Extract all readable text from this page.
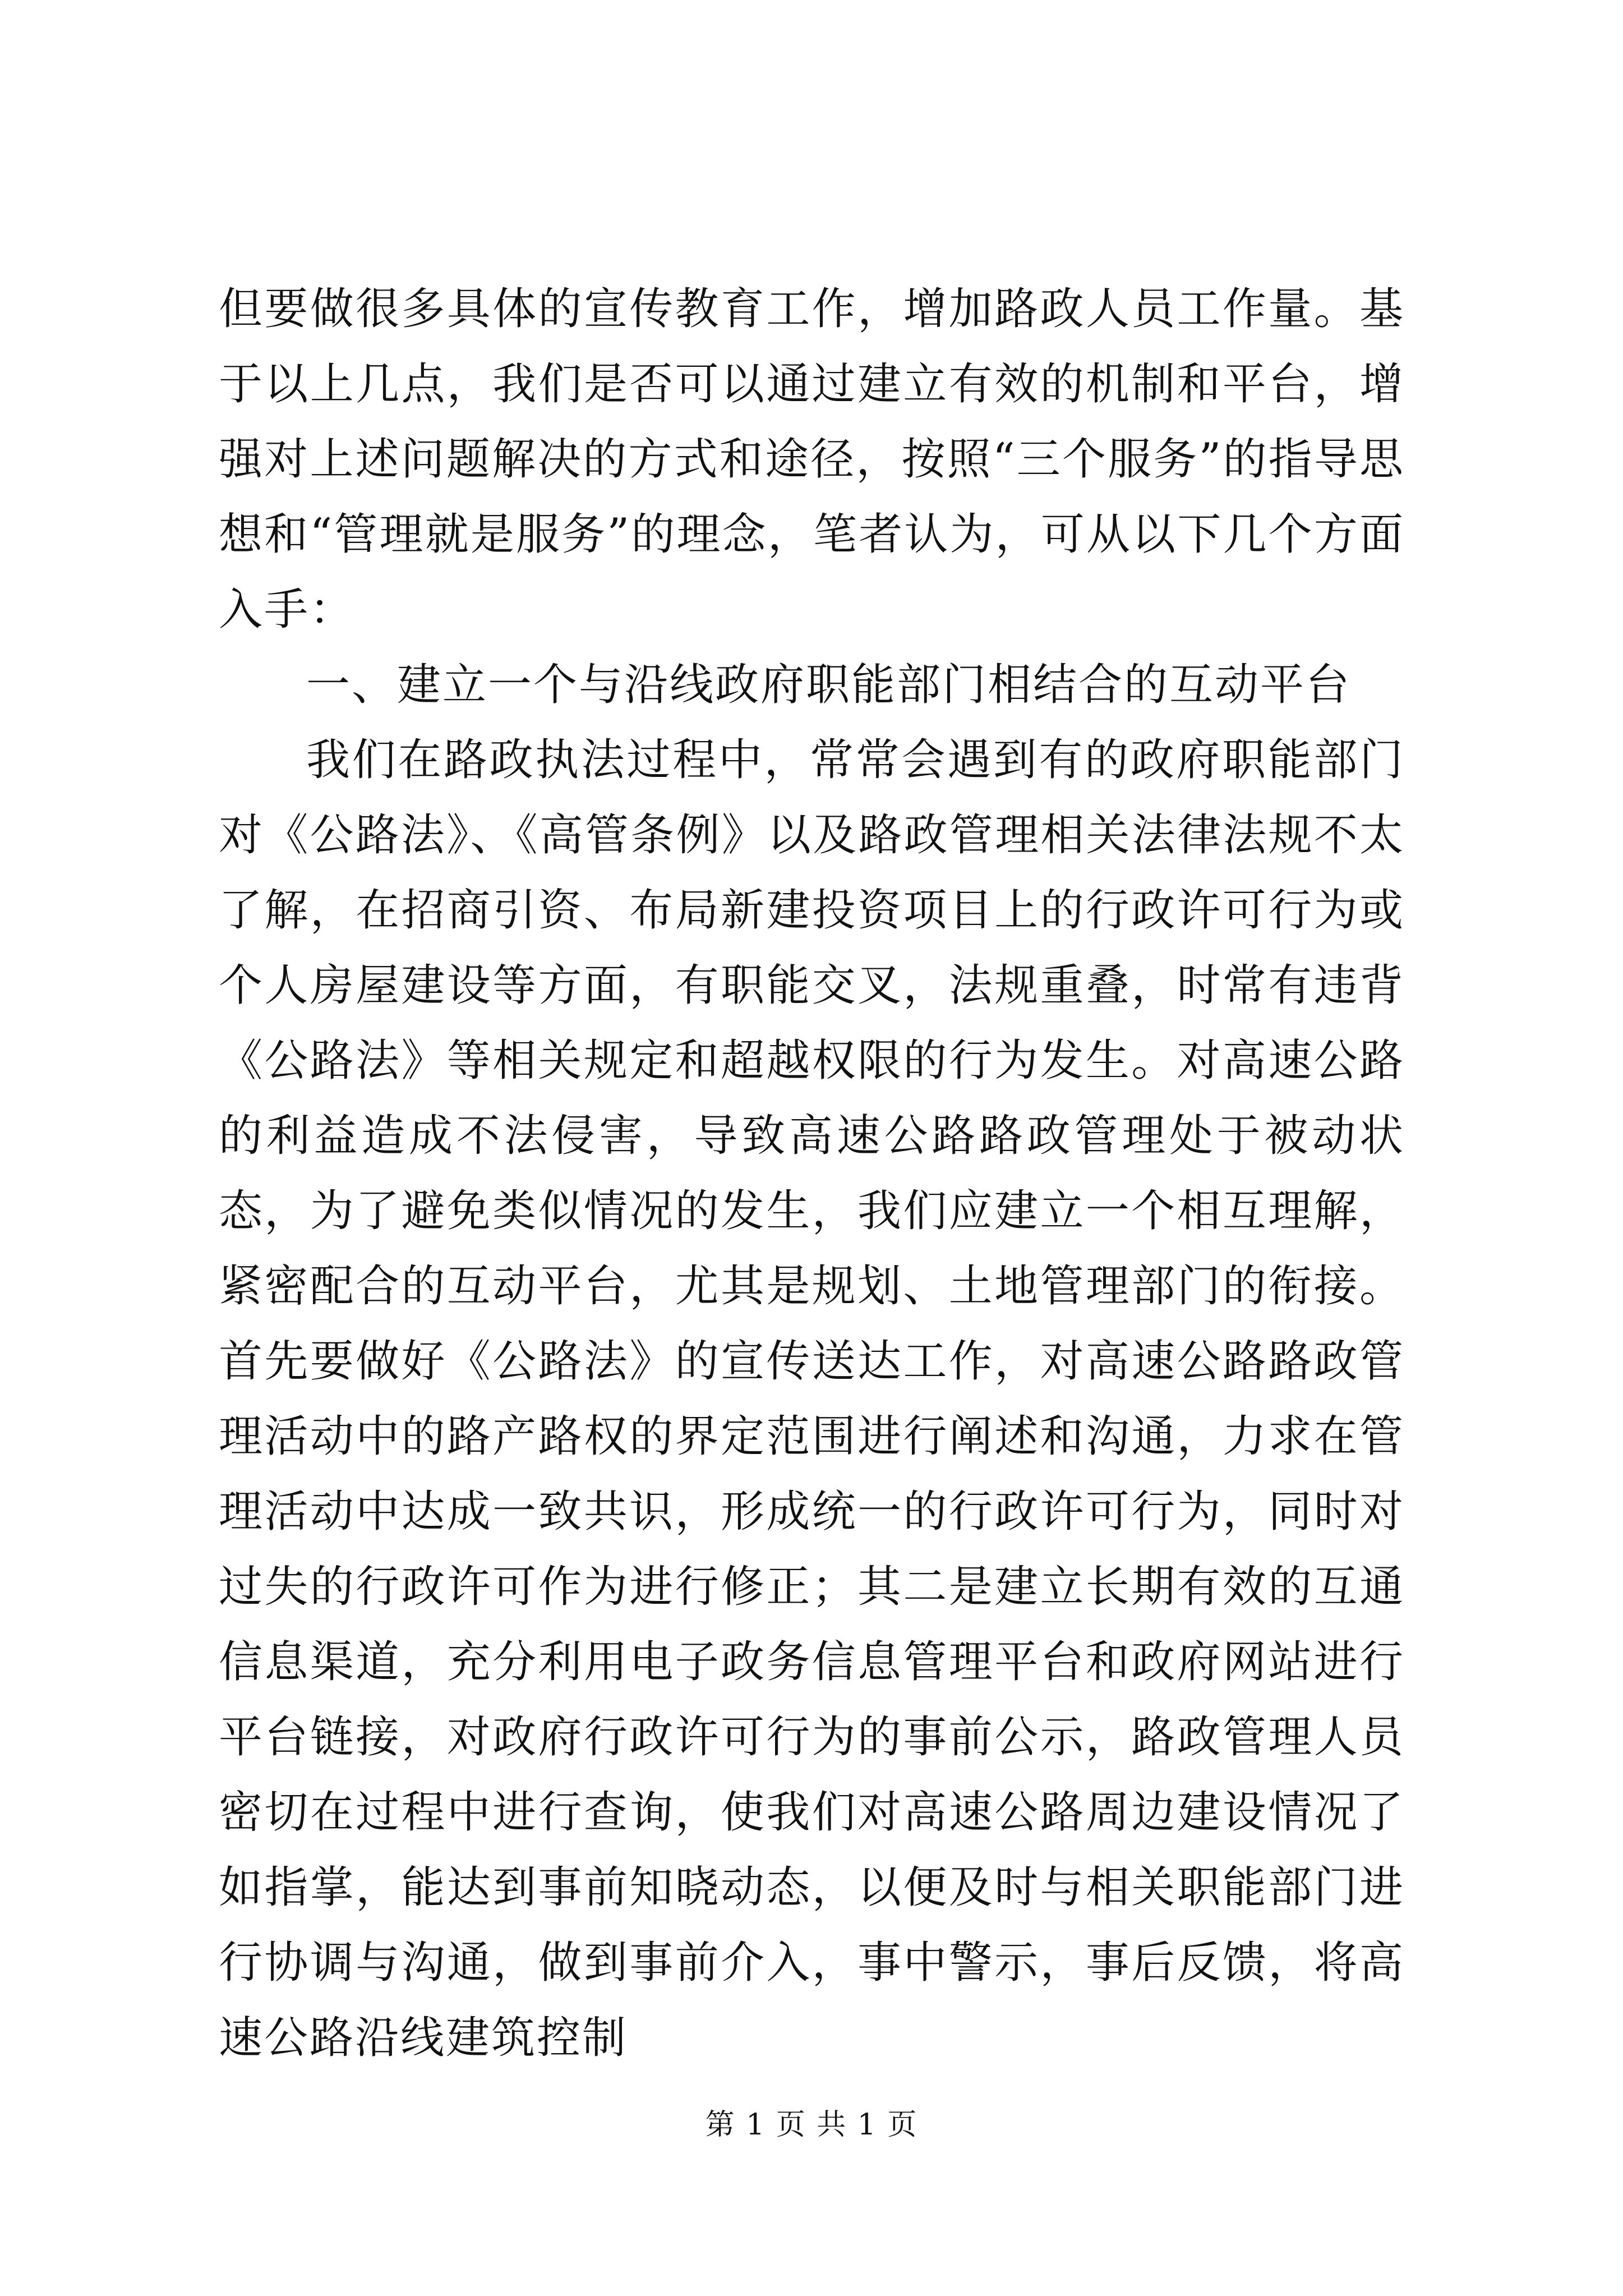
但要做很多具体的宣传教育工作，增加路政人员工作量。基于以上几点，我们是否可以通过建立有效的机制和平台，增强对上述问题解决的方式和途径，按照“三个服务”的指导思想和“管理就是服务”的理念，笔者认为，可从以下几个方面入手：

一、建立一个与沿线政府职能部门相结合的互动平台

我们在路政执法过程中，常常会遇到有的政府职能部门对《公路法》、《高管条例》以及路政管理相关法律法规不太了解，在招商引资、布局新建投资项目上的行政许可行为或个人房屋建设等方面，有职能交叉，法规重叠，时常有违背《公路法》等相关规定和超越权限的行为发生。对高速公路的利益造成不法侵害，导致高速公路路政管理处于被动状态，为了避免类似情况的发生，我们应建立一个相互理解，紧密配合的互动平台，尤其是规划、土地管理部门的衔接。首先要做好《公路法》的宣传送达工作，对高速公路路政管理活动中的路产路权的界定范围进行阐述和沟通，力求在管理活动中达成一致共识，形成统一的行政许可行为，同时对过失的行政许可作为进行修正；其二是建立长期有效的互通信息渠道，充分利用电子政务信息管理平台和政府网站进行平台链接，对政府行政许可行为的事前公示，路政管理人员密切在过程中进行查询，使我们对高速公路周边建设情况了如指掌，能达到事前知晓动态，以便及时与相关职能部门进行协调与沟通，做到事前介入，事中警示，事后反馈，将高速公路沿线建筑控制

第 1 页 共 1 页
